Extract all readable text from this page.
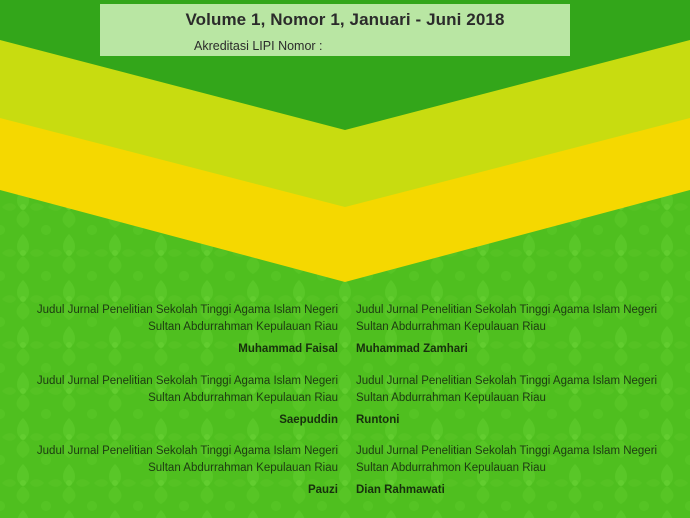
Volume 1, Nomor 1, Januari - Juni 2018
Akreditasi LIPI Nomor :
Judul Jurnal Penelitian Sekolah Tinggi Agama Islam Negeri
Sultan Abdurrahman Kepulauan Riau
Muhammad Faisal
Judul Jurnal Penelitian Sekolah Tinggi Agama Islam Negeri
Sultan Abdurrahman Kepulauan Riau
Saepuddin
Judul Jurnal Penelitian Sekolah Tinggi Agama Islam Negeri
Sultan Abdurrahman Kepulauan Riau
Pauzi
Judul Jurnal Penelitian Sekolah Tinggi Agama Islam Negeri
Sultan Abdurrahman Kepulauan Riau
Muhammad Zamhari
Judul Jurnal Penelitian Sekolah Tinggi Agama Islam Negeri
Sultan Abdurrahman Kepulauan Riau
Runtoni
Judul Jurnal Penelitian Sekolah Tinggi Agama Islam Negeri
Sultan Abdurrahmon Kepulauan Riau
Dian Rahmawati
